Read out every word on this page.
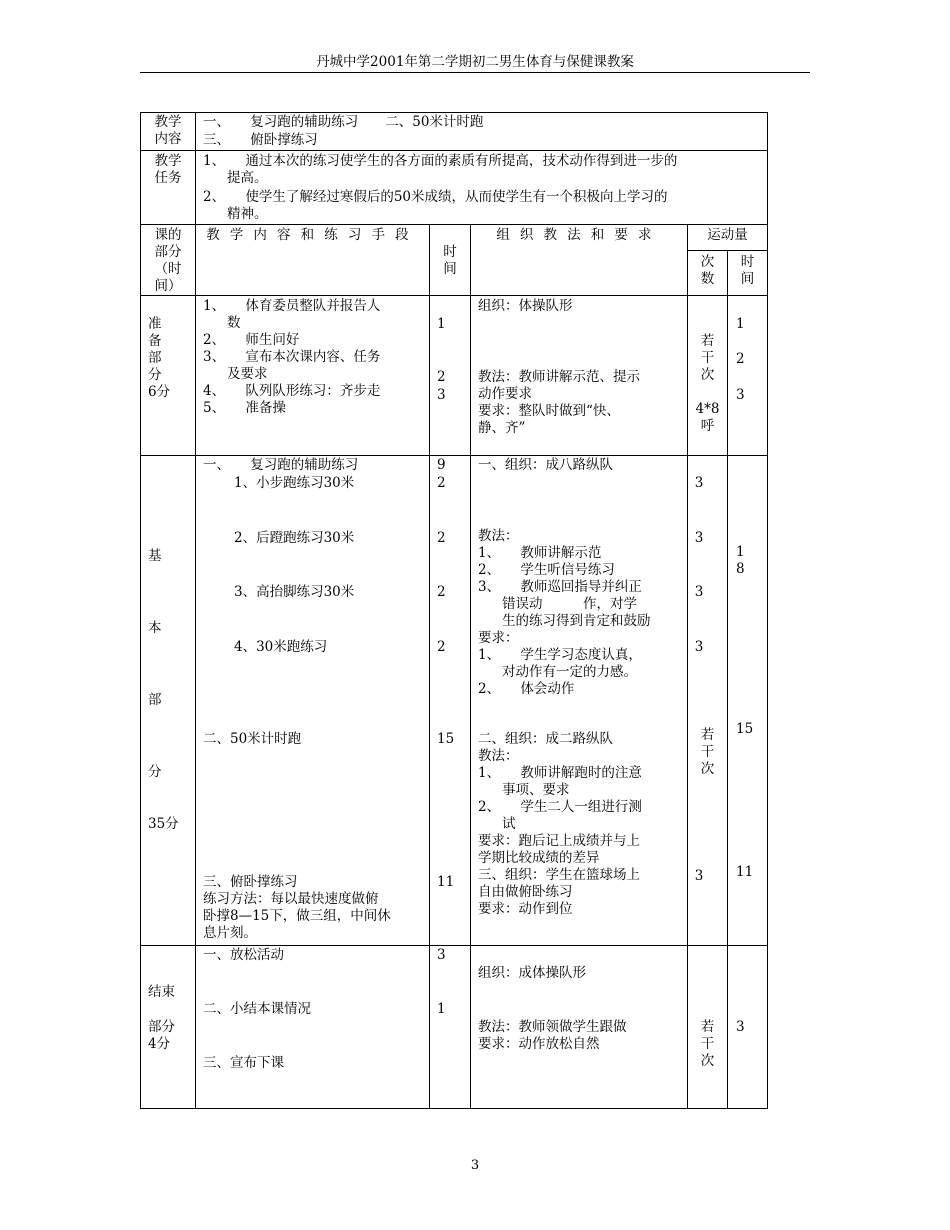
丹城中学2001年第二学期初二男生体育与保健课教案
教学
内容
一、　　复习跑的辅助练习　　二、50米计时跑
三、　　俯卧撑练习
教学
任务
1、　　通过本次的练习使学生的各方面的素质有所提高，技术动作得到进一步的
提高。
2、　　使学生了解经过寒假后的50米成绩，从而使学生有一个积极向上学习的
精神。
课的
部分
（时
间）
教学内容和练习手段
时
间
组织教法和要求	运动量
次
数
时
间
准
备
部
分
6分
1、　　体育委员整队并报告人
数
2、　　师生问好
3、　　宣布本次课内容、任务
及要求
4、　　队列队形练习：齐步走
5、　　准备操
1
2
3
组织：体操队形
教法：教师讲解示范、提示
动作要求
要求：整队时做到“快、
静、齐”
若
干
次
4*8
呼
1
2
3
基
本
部
分
35分
一、　　复习跑的辅助练习
1、小步跑练习30米
2、后蹬跑练习30米
3、高抬脚练习30米
4、30米跑练习
二、50米计时跑
三、俯卧撑练习
练习方法：每以最快速度做俯
卧撑8—15下，做三组，中间休
息片刻。
9
2
2
2
2
15
11
一、组织：成八路纵队
教法：
1、　　教师讲解示范
2、　　学生听信号练习
3、　　教师巡回指导并纠正
错误动　　　作，对学
生的练习得到肯定和鼓励
要求：
1、　　学生学习态度认真，
对动作有一定的力感。
2、　　体会动作
二、组织：成二路纵队
教法：
1、　　教师讲解跑时的注意
事项、要求
2、　　学生二人一组进行测
试
要求：跑后记上成绩并与上
学期比较成绩的差异
三、组织：学生在篮球场上
自由做俯卧练习
要求：动作到位
3
3
3
3
若
干
次
3
1
8
15
11
结束
部分
4分
一、放松活动
二、小结本课情况
三、宣布下课
3
1
组织：成体操队形
教法：教师领做学生跟做
要求：动作放松自然
若
干
次
3
3
